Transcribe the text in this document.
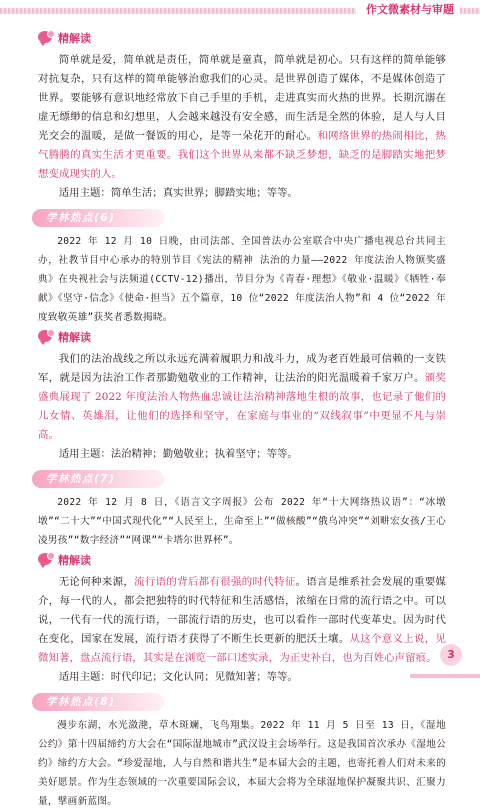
作文微素材与审题
精解读

简单就是爱，简单就是责任，简单就是童真，简单就是初心。只有这样的简单能够对抗复杂，只有这样的简单能够治愈我们的心灵。是世界创造了媒体，不是媒体创造了世界。要能够有意识地经常放下自己手里的手机，走进真实而火热的世界。长期沉溺在虚无缥缈的信息和幻想里，人会越来越没有安全感，而生活是全然的体验，是人与人目光交会的温暖，是做一餐饭的用心，是等一朵花开的耐心。和网络世界的热闹相比，热气腾腾的真实生活才更重要。我们这个世界从来都不缺乏梦想，缺乏的是脚踏实地把梦想变成现实的人。

适用主题：简单生活；真实世界；脚踏实地；等等。

学林热点(6)

2022 年 12 月 10 日晚，由司法部、全国普法办公室联合中央广播电视总台共同主办，社教节目中心承办的特别节目《宪法的精神 法治的力量——2022 年度法治人物颁奖盛典》在央视社会与法频道(CCTV-12)播出，节目分为《青春·理想》《敬业·温暖》《牺牲·奉献》《坚守·信念》《使命·担当》五个篇章，10 位“2022 年度法治人物”和 4 位“2022 年度致敬英雄”获奖者悉数揭晓。

精解读

我们的法治战线之所以永远充满着履职力和战斗力，成为老百姓最可信赖的一支铁军，就是因为法治工作者那勤勉敬业的工作精神，让法治的阳光温暖着千家万户。颁奖盛典展现了 2022 年度法治人物热血忠诚让法治精神落地生根的故事，也记录了他们的儿女情、英雄泪，让他们的选择和坚守，在家庭与事业的“双线叙事”中更显不凡与崇高。

适用主题：法治精神；勤勉敬业；执着坚守；等等。

学林热点(7)

2022 年 12 月 8 日，《语言文字周报》公布 2022 年“十大网络热议语”：“冰墩墩”“二十大”“中国式现代化”“人民至上，生命至上”“做核酸”“俄乌冲突”“刘畊宏女孩/王心凌男孩”“数字经济”“网课”“卡塔尔世界杯”。

精解读

无论何种来源，流行语的背后都有很强的时代特征。语言是维系社会发展的重要媒介，每一代的人，都会把独特的时代特征和生活感悟，浓缩在日常的流行语之中。可以说，一代有一代的流行语，一部流行语的历史，也可以看作一部时代变革史。因为时代在变化，国家在发展，流行语才获得了不断生长更新的肥沃土壤。从这个意义上说，见微知著，盘点流行语，其实是在浏览一部口述实录，为正史补白，也为百姓心声留痕。

适用主题：时代印记；文化认同；见微知著；等等。

学林热点(8)

漫步东湖，水光潋滟，草木斑斓，飞鸟翔集。2022 年 11 月 5 日至 13 日，《湿地公约》第十四届缔约方大会在“国际湿地城市”武汉设主会场举行。这是我国首次承办《湿地公约》缔约方大会。“珍爱湿地，人与自然和谐共生”是本届大会的主题，也寄托着人们对未来的美好愿景。作为生态领域的一次重要国际会议，本届大会将为全球湿地保护凝聚共识、汇聚力量，擘画新蓝图。

3
